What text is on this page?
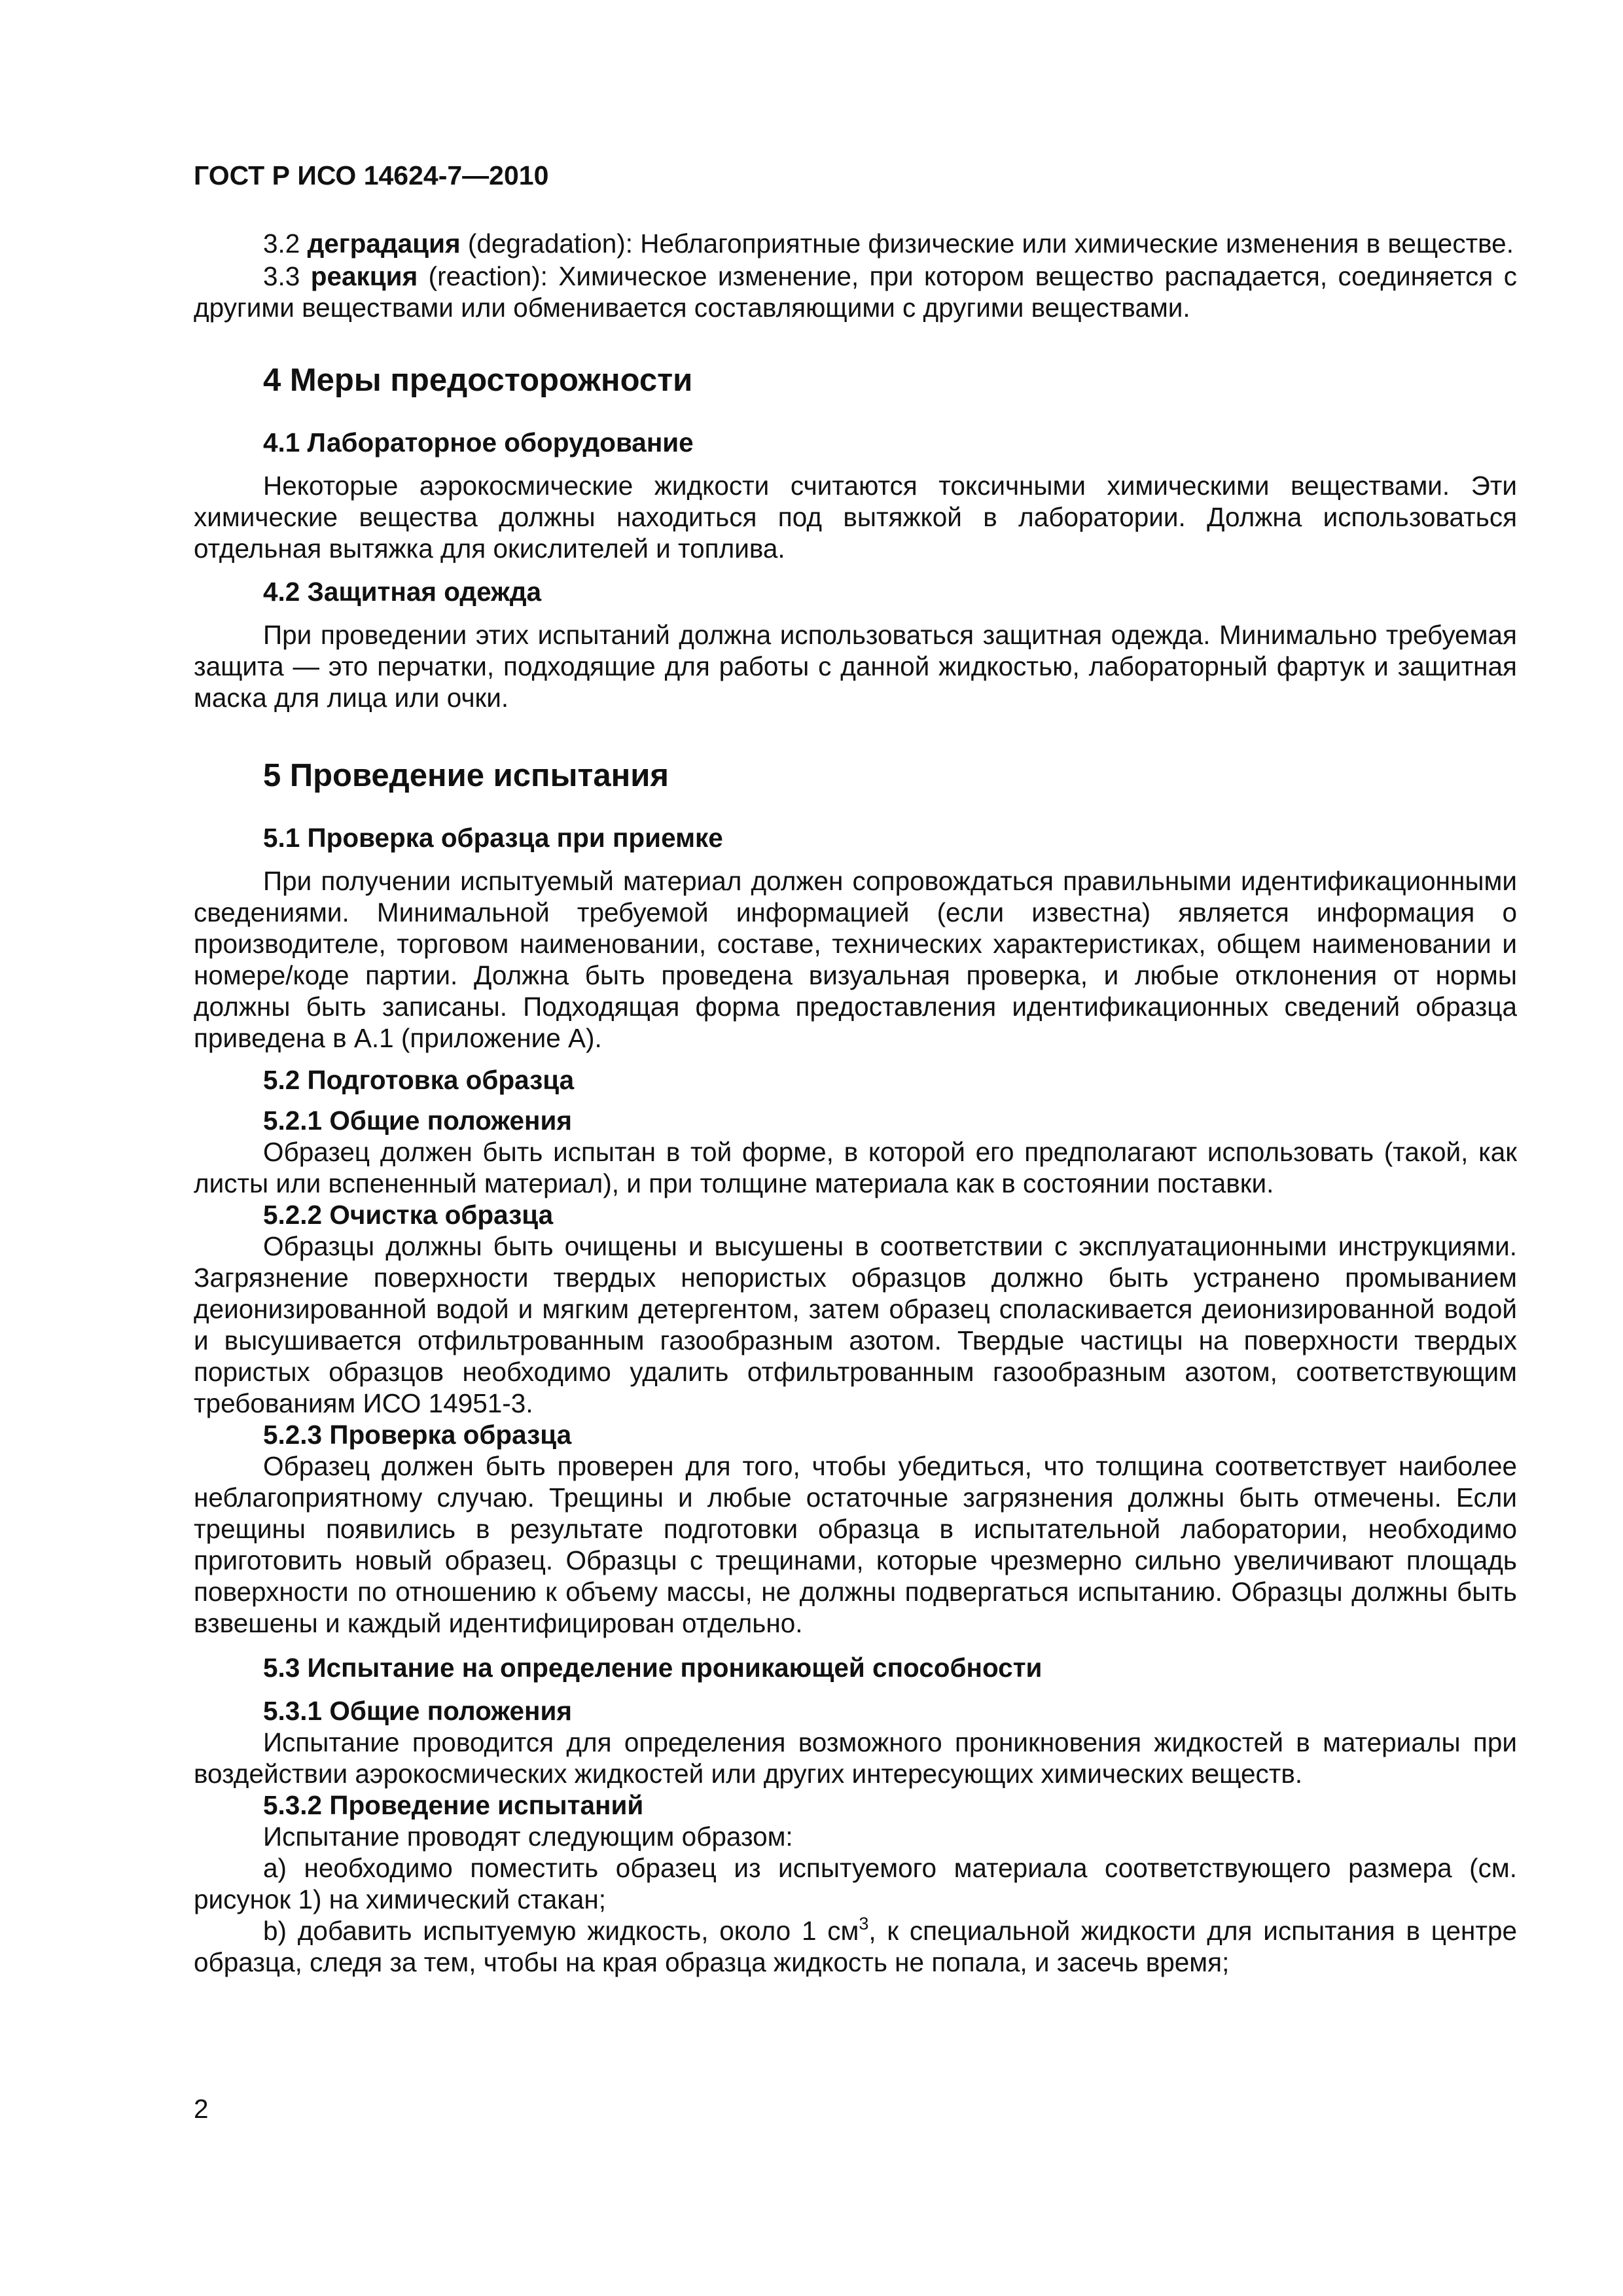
ГОСТ Р ИСО 14624-7—2010

3.2 деградация (degradation): Неблагоприятные физические или химические изменения в веществе.

3.3 реакция (reaction): Химическое изменение, при котором вещество распадается, соединяется с другими веществами или обменивается составляющими с другими веществами.

4 Меры предосторожности
4.1 Лабораторное оборудование

Некоторые аэрокосмические жидкости считаются токсичными химическими веществами. Эти химические вещества должны находиться под вытяжкой в лаборатории. Должна использоваться отдельная вытяжка для окислителей и топлива.

4.2 Защитная одежда

При проведении этих испытаний должна использоваться защитная одежда. Минимально требуемая защита — это перчатки, подходящие для работы с данной жидкостью, лабораторный фартук и защитная маска для лица или очки.

5 Проведение испытания
5.1 Проверка образца при приемке

При получении испытуемый материал должен сопровождаться правильными идентификационными сведениями. Минимальной требуемой информацией (если известна) является информация о производителе, торговом наименовании, составе, технических характеристиках, общем наименовании и номере/коде партии. Должна быть проведена визуальная проверка, и любые отклонения от нормы должны быть записаны. Подходящая форма предоставления идентификационных сведений образца приведена в А.1 (приложение А).

5.2 Подготовка образца
5.2.1 Общие положения

Образец должен быть испытан в той форме, в которой его предполагают использовать (такой, как листы или вспененный материал), и при толщине материала как в состоянии поставки.

5.2.2 Очистка образца

Образцы должны быть очищены и высушены в соответствии с эксплуатационными инструкциями. Загрязнение поверхности твердых непористых образцов должно быть устранено промыванием деионизированной водой и мягким детергентом, затем образец споласкивается деионизированной водой и высушивается отфильтрованным газообразным азотом. Твердые частицы на поверхности твердых пористых образцов необходимо удалить отфильтрованным газообразным азотом, соответствующим требованиям ИСО 14951-3.

5.2.3 Проверка образца

Образец должен быть проверен для того, чтобы убедиться, что толщина соответствует наиболее неблагоприятному случаю. Трещины и любые остаточные загрязнения должны быть отмечены. Если трещины появились в результате подготовки образца в испытательной лаборатории, необходимо приготовить новый образец. Образцы с трещинами, которые чрезмерно сильно увеличивают площадь поверхности по отношению к объему массы, не должны подвергаться испытанию. Образцы должны быть взвешены и каждый идентифицирован отдельно.

5.3 Испытание на определение проникающей способности
5.3.1 Общие положения

Испытание проводится для определения возможного проникновения жидкостей в материалы при воздействии аэрокосмических жидкостей или других интересующих химических веществ.

5.3.2 Проведение испытаний

Испытание проводят следующим образом:

а) необходимо поместить образец из испытуемого материала соответствующего размера (см. рисунок 1) на химический стакан;

b) добавить испытуемую жидкость, около 1 $см^3$, к специальной жидкости для испытания в центре образца, следя за тем, чтобы на края образца жидкость не попала, и засечь время;

2
